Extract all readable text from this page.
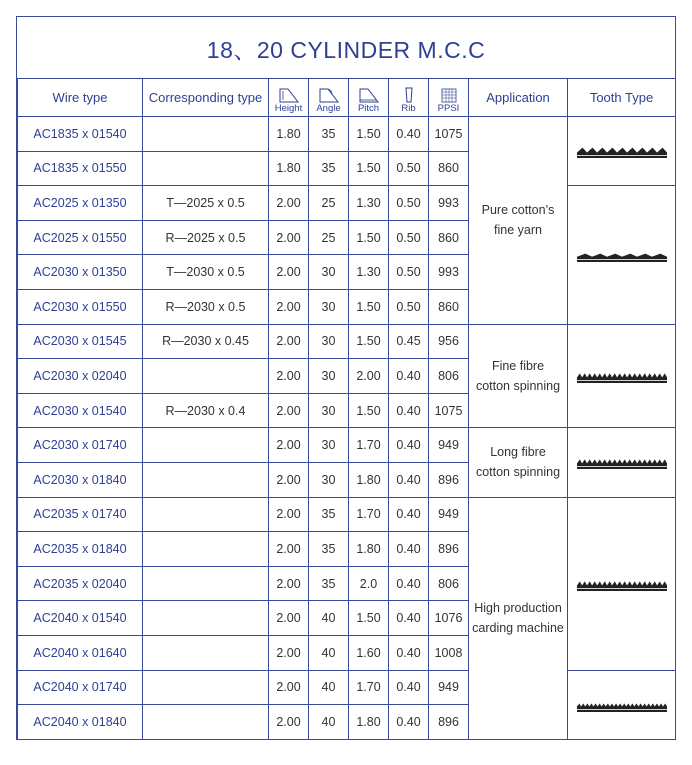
18、20 CYLINDER M.C.C
Wire type	Corresponding type	Height	Angle	Pitch	Rib	PPSI	Application	Tooth Type
AC1835 x 01540		1.80	35	1.50	0.40	1075	Pure cotton’s
fine yarn

AC1835 x 01550		1.80	35	1.50	0.50	860		
AC2025 x 01350	T—2025 x 0.5	2.00	25	1.30	0.50	993	

AC2025 x 01550	R—2025 x 0.5	2.00	25	1.50	0.50	860		
AC2030 x 01350	T—2030 x 0.5	2.00	30	1.30	0.50	993		
AC2030 x 01550	R—2030 x 0.5	2.00	30	1.50	0.50	860		
AC2030 x 01545	R—2030 x 0.45	2.00	30	1.50	0.45	956	Fine fibre
cotton spinning

AC2030 x 02040		2.00	30	2.00	0.40	806		
AC2030 x 01540	R—2030 x 0.4	2.00	30	1.50	0.40	1075		
AC2030 x 01740		2.00	30	1.70	0.40	949	Long fibre
cotton spinning

AC2030 x 01840		2.00	30	1.80	0.40	896		
AC2035 x 01740		2.00	35	1.70	0.40	949	High production
carding machine

AC2035 x 01840		2.00	35	1.80	0.40	896		
AC2035 x 02040		2.00	35	2.0	0.40	806		
AC2040 x 01540		2.00	40	1.50	0.40	1076		
AC2040 x 01640		2.00	40	1.60	0.40	1008		
AC2040 x 01740		2.00	40	1.70	0.40	949	

AC2040 x 01840		2.00	40	1.80	0.40	896		
